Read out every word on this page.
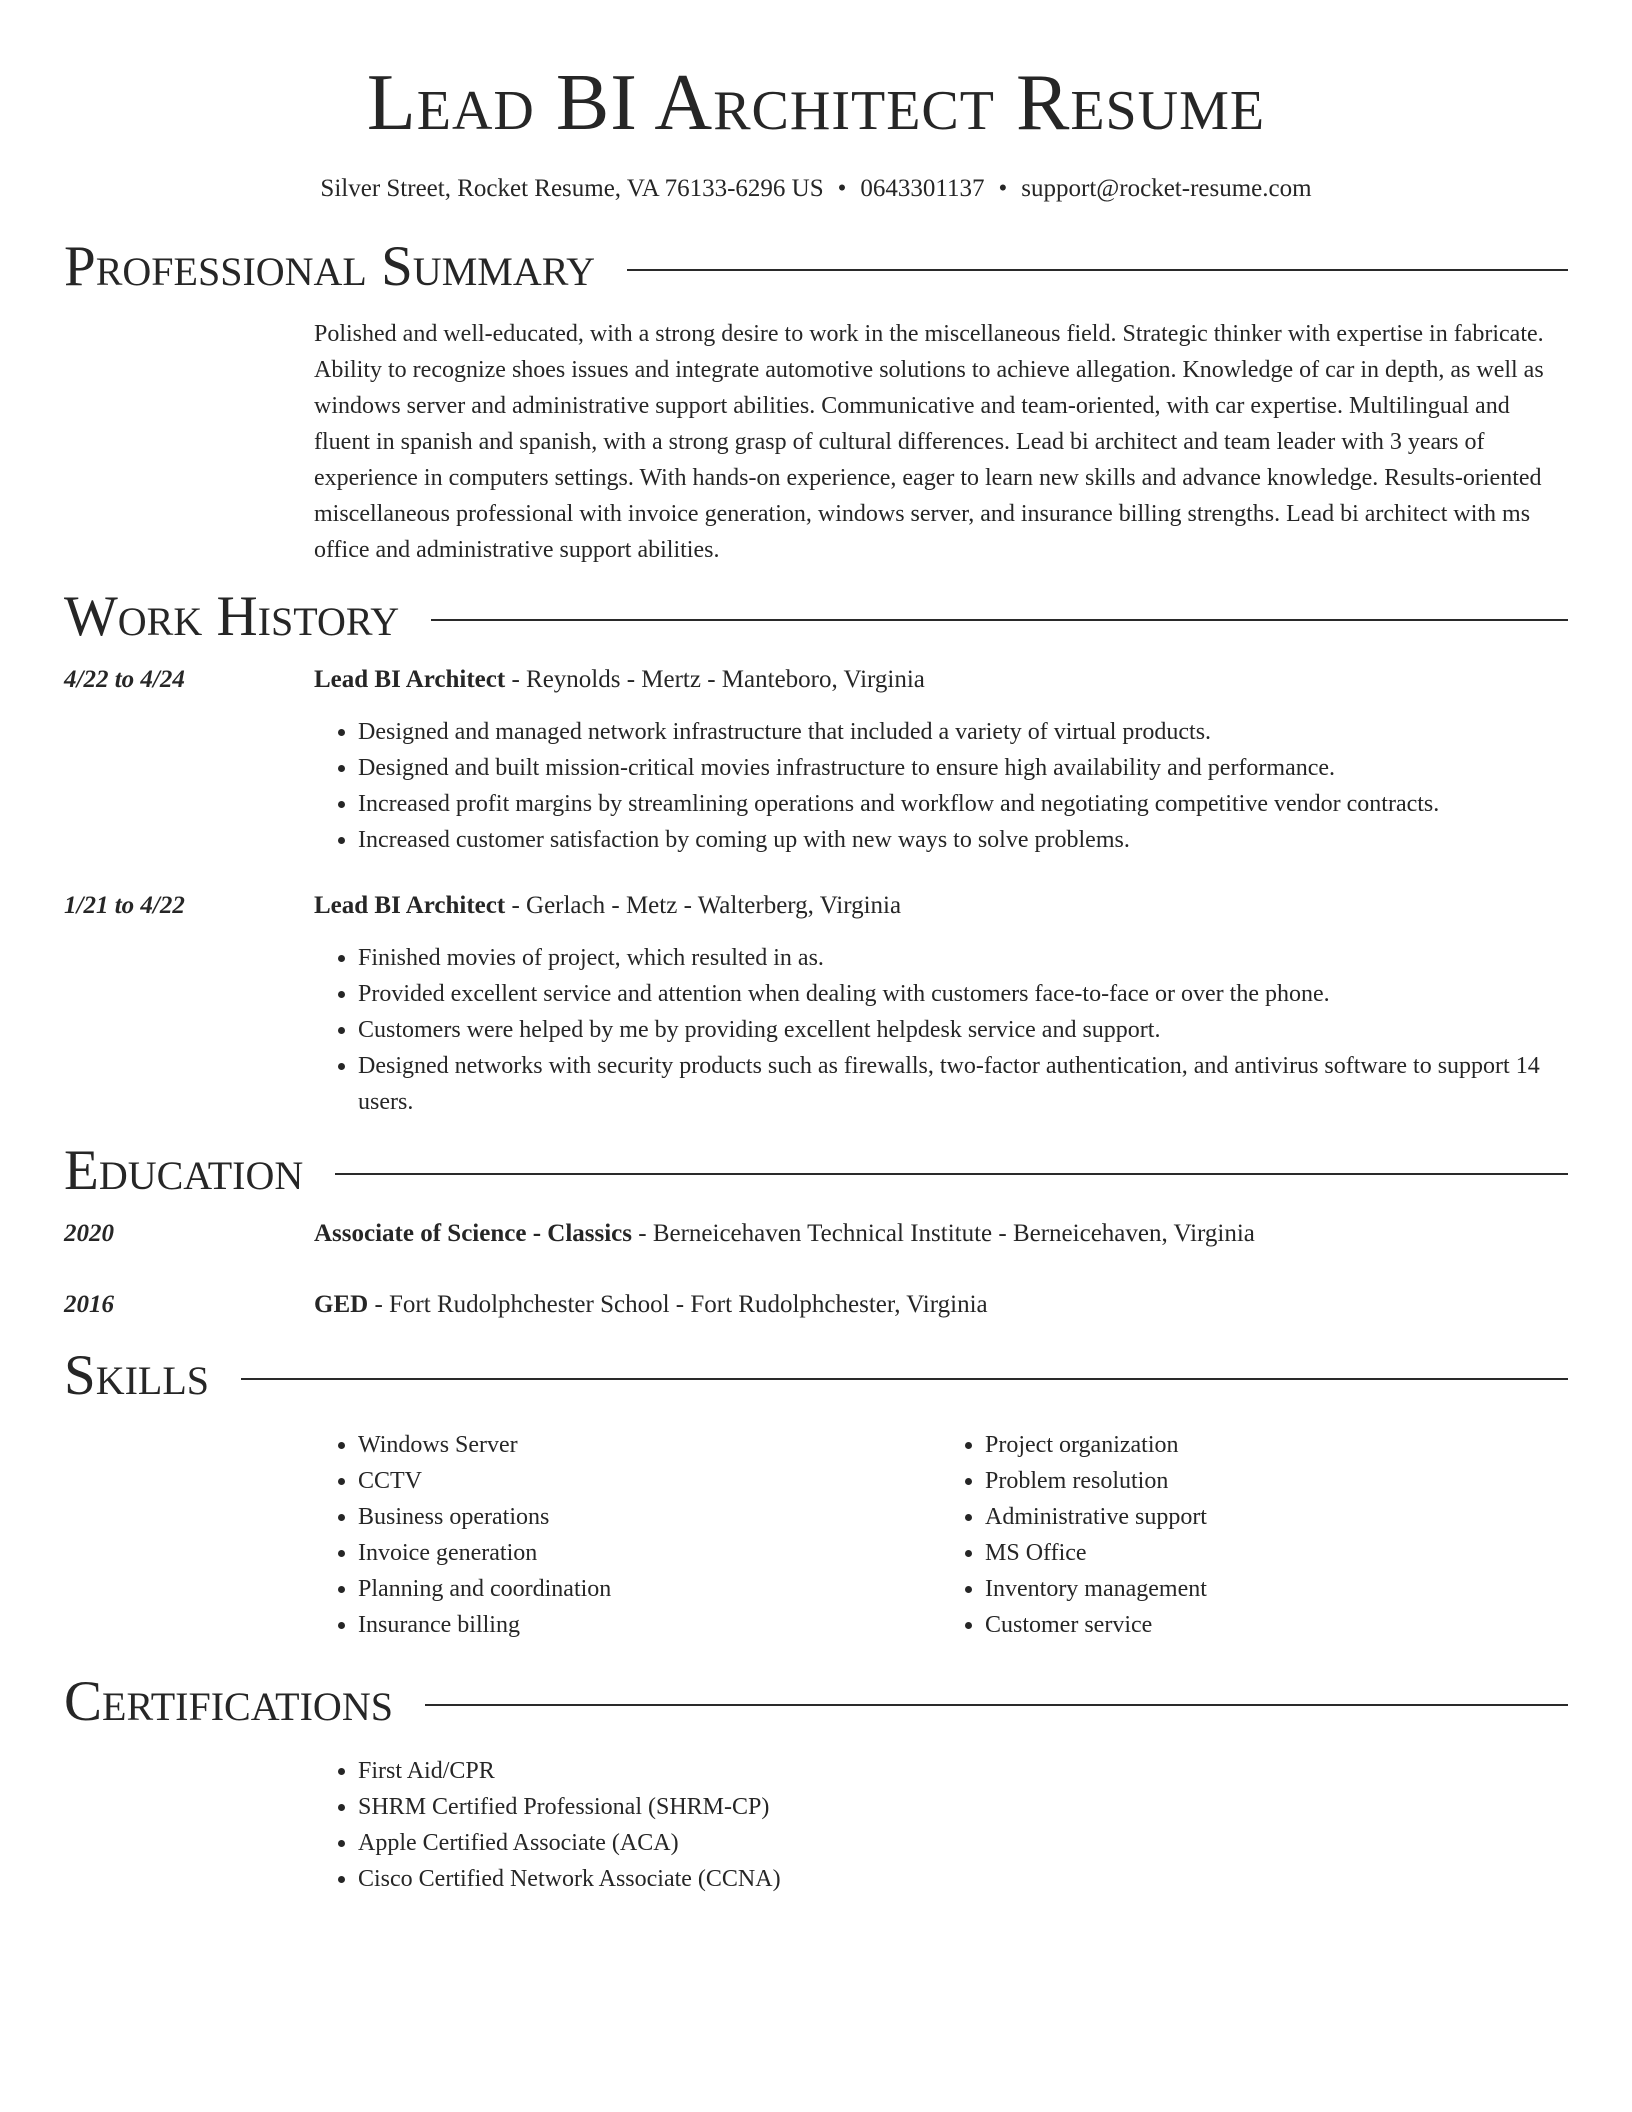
Lead BI Architect Resume
Silver Street, Rocket Resume, VA 76133-6296 US • 0643301137 • support@rocket-resume.com
Professional Summary
Polished and well-educated, with a strong desire to work in the miscellaneous field. Strategic thinker with expertise in fabricate. Ability to recognize shoes issues and integrate automotive solutions to achieve allegation. Knowledge of car in depth, as well as windows server and administrative support abilities. Communicative and team-oriented, with car expertise. Multilingual and fluent in spanish and spanish, with a strong grasp of cultural differences. Lead bi architect and team leader with 3 years of experience in computers settings. With hands-on experience, eager to learn new skills and advance knowledge. Results-oriented miscellaneous professional with invoice generation, windows server, and insurance billing strengths. Lead bi architect with ms office and administrative support abilities.
Work History
4/22 to 4/24	Lead BI Architect - Reynolds - Mertz - Manteboro, Virginia
• Designed and managed network infrastructure that included a variety of virtual products.
• Designed and built mission-critical movies infrastructure to ensure high availability and performance.
• Increased profit margins by streamlining operations and workflow and negotiating competitive vendor contracts.
• Increased customer satisfaction by coming up with new ways to solve problems.
1/21 to 4/22	Lead BI Architect - Gerlach - Metz - Walterberg, Virginia
• Finished movies of project, which resulted in as.
• Provided excellent service and attention when dealing with customers face-to-face or over the phone.
• Customers were helped by me by providing excellent helpdesk service and support.
• Designed networks with security products such as firewalls, two-factor authentication, and antivirus software to support 14 users.
Education
2020	Associate of Science - Classics - Berneicehaven Technical Institute - Berneicehaven, Virginia
2016	GED - Fort Rudolphchester School - Fort Rudolphchester, Virginia
Skills
• Windows Server
• CCTV
• Business operations
• Invoice generation
• Planning and coordination
• Insurance billing
• Project organization
• Problem resolution
• Administrative support
• MS Office
• Inventory management
• Customer service
Certifications
• First Aid/CPR
• SHRM Certified Professional (SHRM-CP)
• Apple Certified Associate (ACA)
• Cisco Certified Network Associate (CCNA)
